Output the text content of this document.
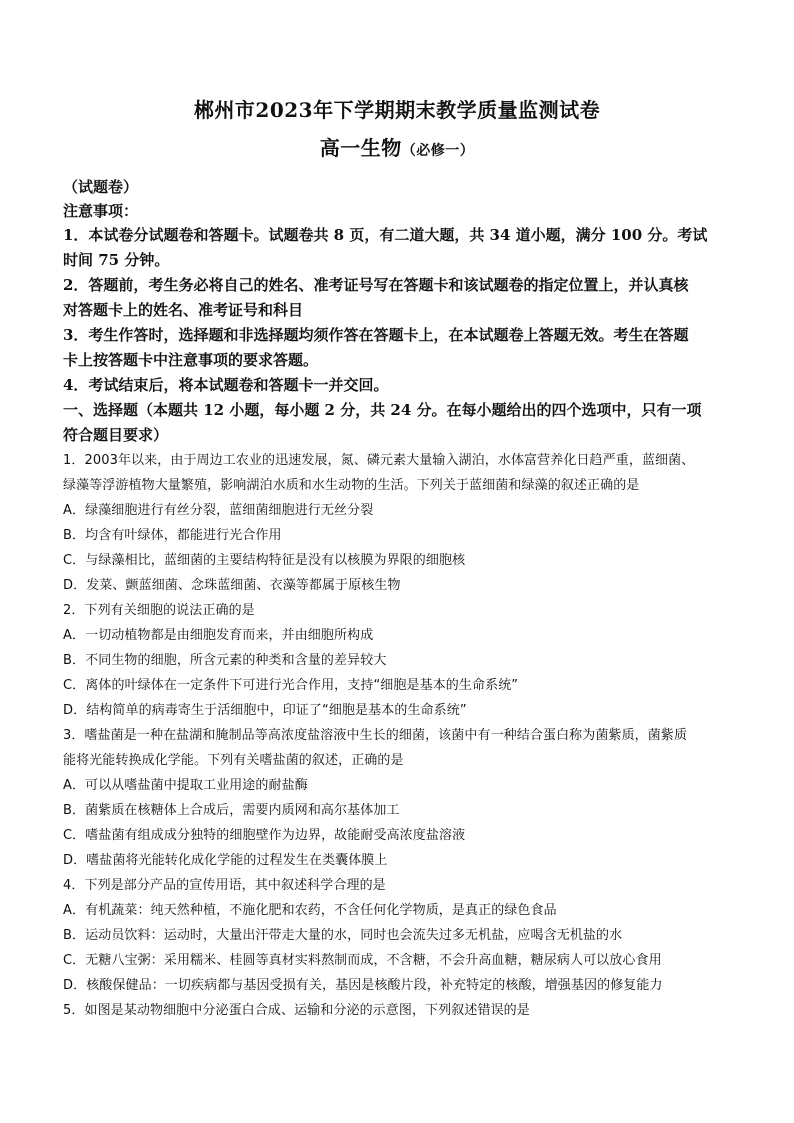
郴州市2023年下学期期末教学质量监测试卷
高一生物（必修一）
（试题卷）
注意事项：
1．本试卷分试题卷和答题卡。试题卷共 8 页，有二道大题，共 34 道小题，满分 100 分。考试
时间 75 分钟。
2．答题前，考生务必将自己的姓名、准考证号写在答题卡和该试题卷的指定位置上，并认真核
对答题卡上的姓名、准考证号和科目
3．考生作答时，选择题和非选择题均须作答在答题卡上，在本试题卷上答题无效。考生在答题
卡上按答题卡中注意事项的要求答题。
4．考试结束后，将本试题卷和答题卡一并交回。
一、选择题（本题共 12 小题，每小题 2 分，共 24 分。在每小题给出的四个选项中，只有一项
符合题目要求）
1．2003年以来，由于周边工农业的迅速发展，氮、磷元素大量输入湖泊，水体富营养化日趋严重，蓝细菌、
绿藻等浮游植物大量繁殖，影响湖泊水质和水生动物的生活。下列关于蓝细菌和绿藻的叙述正确的是
A．绿藻细胞进行有丝分裂，蓝细菌细胞进行无丝分裂
B．均含有叶绿体，都能进行光合作用
C．与绿藻相比，蓝细菌的主要结构特征是没有以核膜为界限的细胞核
D．发菜、颤蓝细菌、念珠蓝细菌、衣藻等都属于原核生物
2．下列有关细胞的说法正确的是
A．一切动植物都是由细胞发育而来，并由细胞所构成
B．不同生物的细胞，所含元素的种类和含量的差异较大
C．离体的叶绿体在一定条件下可进行光合作用，支持“细胞是基本的生命系统”
D．结构简单的病毒寄生于活细胞中，印证了“细胞是基本的生命系统”
3．嗜盐菌是一种在盐湖和腌制品等高浓度盐溶液中生长的细菌，该菌中有一种结合蛋白称为菌紫质，菌紫质
能将光能转换成化学能。下列有关嗜盐菌的叙述，正确的是
A．可以从嗜盐菌中提取工业用途的耐盐酶
B．菌紫质在核糖体上合成后，需要内质网和高尔基体加工
C．嗜盐菌有组成成分独特的细胞壁作为边界，故能耐受高浓度盐溶液
D．嗜盐菌将光能转化成化学能的过程发生在类囊体膜上
4．下列是部分产品的宣传用语，其中叙述科学合理的是
A．有机蔬菜：纯天然种植，不施化肥和农药，不含任何化学物质，是真正的绿色食品
B．运动员饮料：运动时，大量出汗带走大量的水，同时也会流失过多无机盐，应喝含无机盐的水
C．无糖八宝粥：采用糯米、桂圆等真材实料熬制而成，不含糖，不会升高血糖，糖尿病人可以放心食用
D．核酸保健品：一切疾病都与基因受损有关，基因是核酸片段，补充特定的核酸，增强基因的修复能力
5．如图是某动物细胞中分泌蛋白合成、运输和分泌的示意图，下列叙述错误的是
